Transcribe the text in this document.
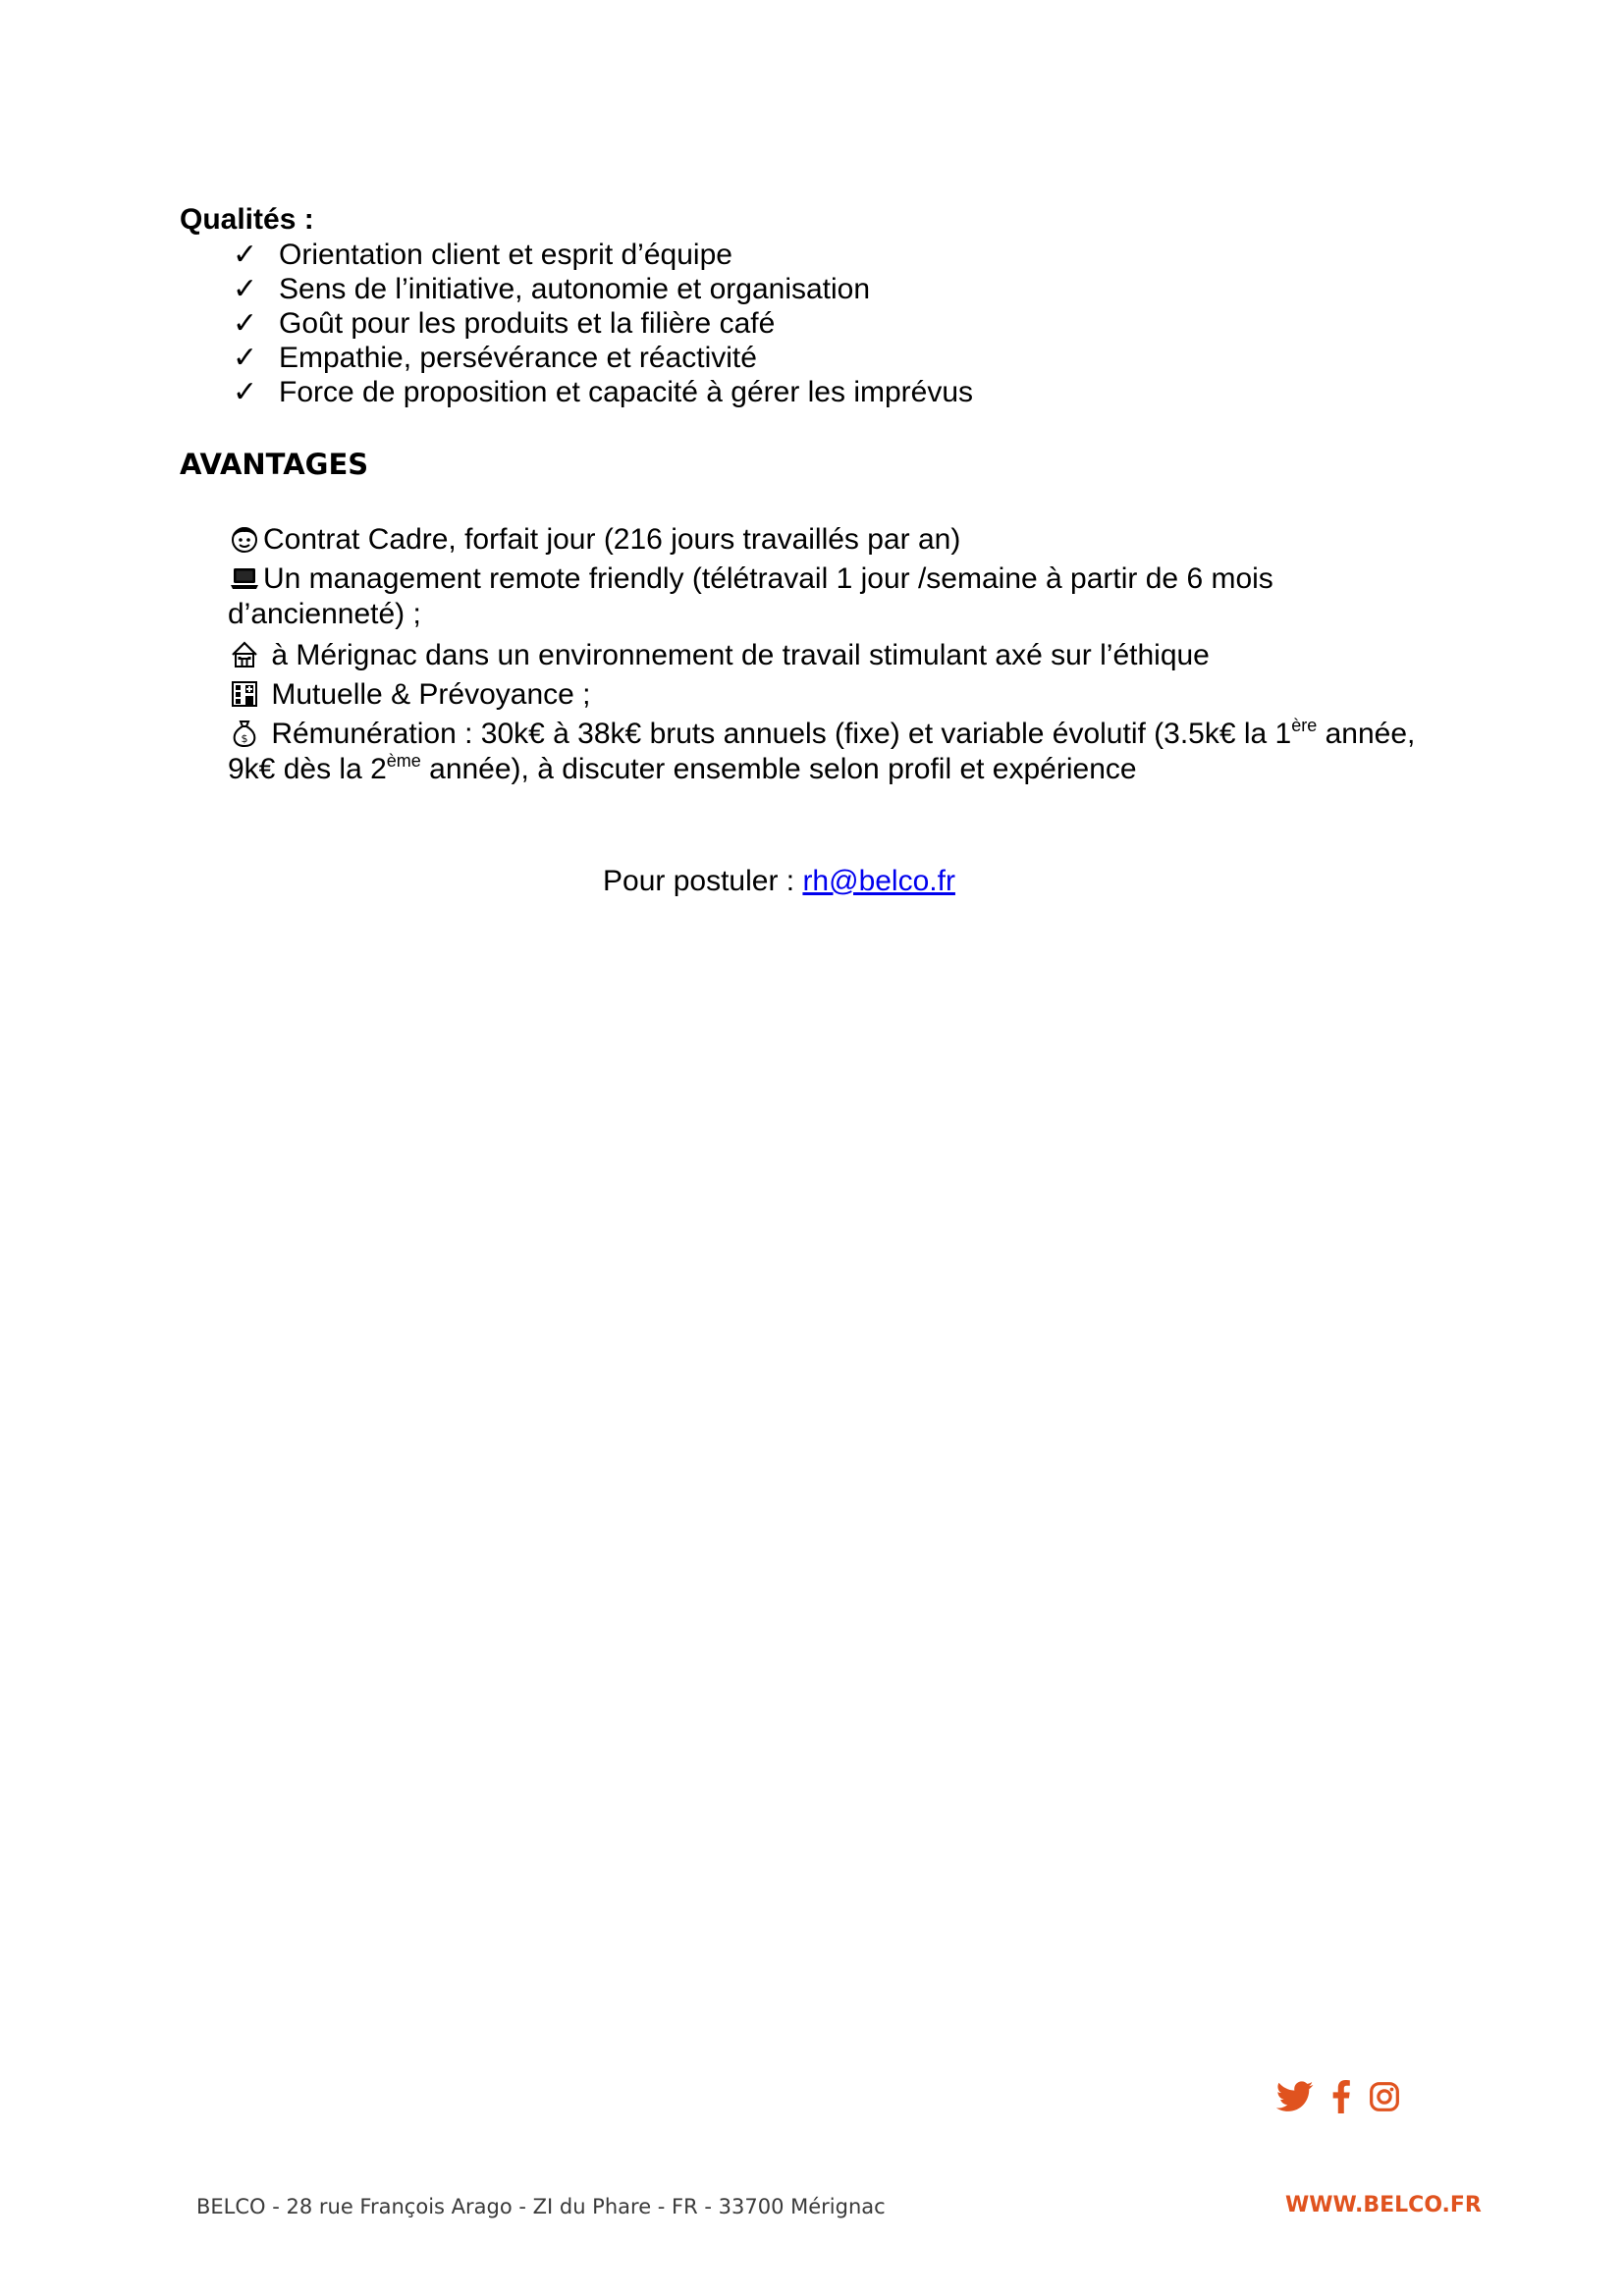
Qualités :
✓ Orientation client et esprit d’équipe
✓ Sens de l’initiative, autonomie et organisation
✓ Goût pour les produits et la filière café
✓ Empathie, persévérance et réactivité
✓ Force de proposition et capacité à gérer les imprévus
AVANTAGES
Contrat Cadre, forfait jour (216 jours travaillés par an)
Un management remote friendly (télétravail 1 jour /semaine à partir de 6 mois
d’ancienneté) ;
à Mérignac dans un environnement de travail stimulant axé sur l’éthique
Mutuelle & Prévoyance ;
$ Rémunération : 30k€ à 38k€ bruts annuels (fixe) et variable évolutif (3.5k€ la 1ère année,
9k€ dès la 2ème année), à discuter ensemble selon profil et expérience
Pour postuler : rh@belco.fr
BELCO - 28 rue François Arago - ZI du Phare - FR - 33700 Mérignac	WWW.BELCO.FR
